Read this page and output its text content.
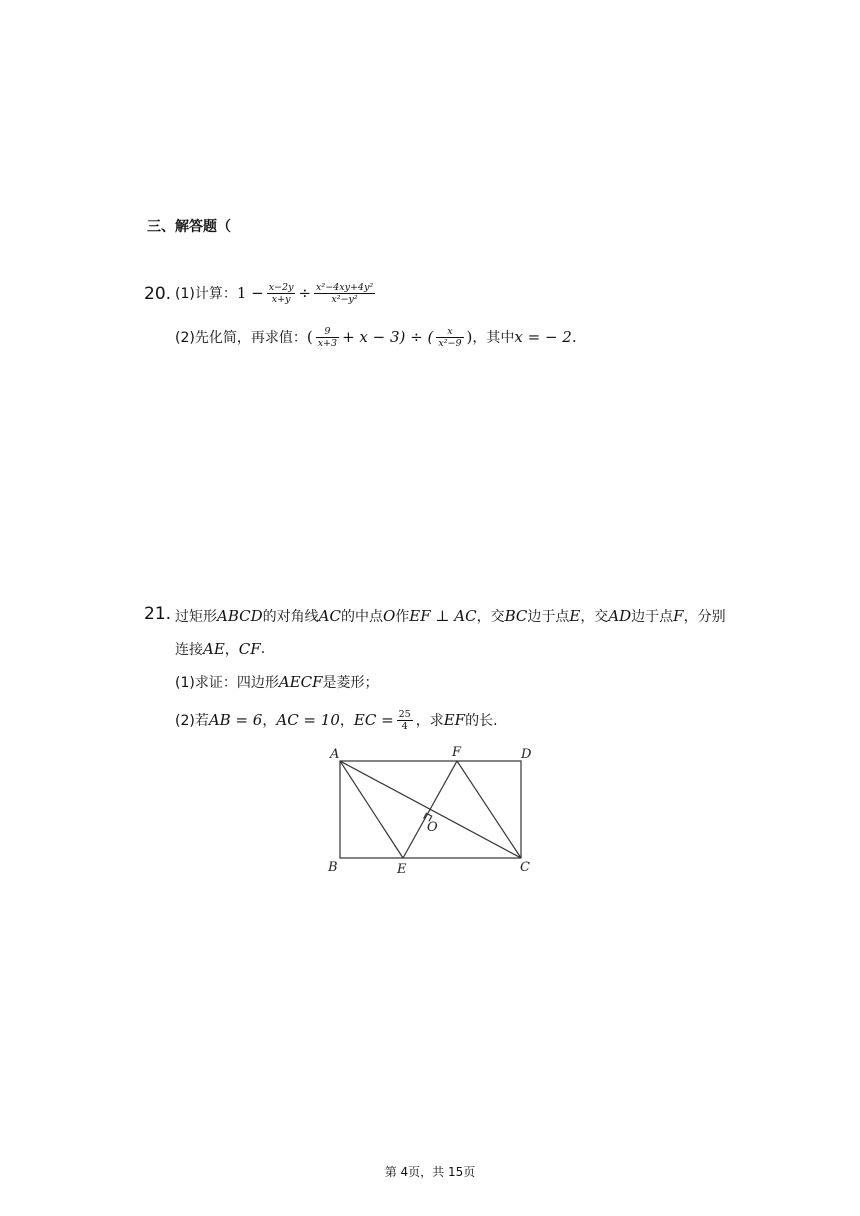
三、解答题（
20. (1)计算： $1 - \frac{x-2y}{x+y} \div \frac{\text{x²−4xy+4y²}}{\text{x²−y²}}$
(2)先化简，再求值： ( $\frac{9}{x+3} + x - 3$) ÷ ( $\frac{x}{\text{x²−9}}$ ) ，其中 x = − 2 .
21. 过矩形 ABCD 的对角线 AC 的中点 O 作 EF ⊥ AC ，交 BC 边于点 E ，交 AD 边于点 F ，分别
连接 AE ， CF .
(1)求证：四边形 AECF 是菱形；
(2)若 AB = 6 ， AC = 10 ， EC = $\frac{25}{4}$ ，求 EF 的长.
A
B	C
D
E
F
O
第 4页，共 15页
